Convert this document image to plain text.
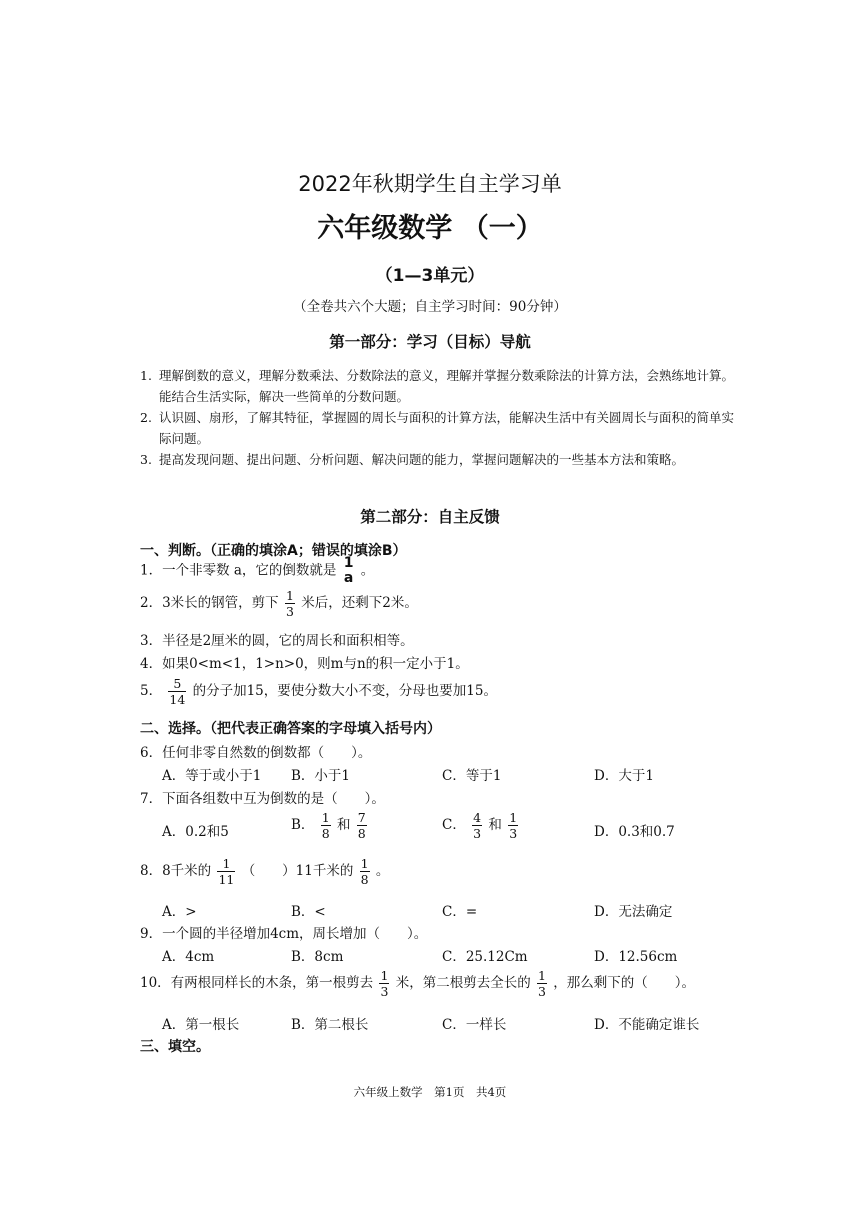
2022年秋期学生自主学习单
六年级数学 （一）
（1—3单元）
（全卷共六个大题；自主学习时间：90分钟）
第一部分：学习（目标）导航
1. 理解倒数的意义，理解分数乘法、分数除法的意义，理解并掌握分数乘除法的计算方法，会熟练地计算。能结合生活实际，解决一些简单的分数问题。
2. 认识圆、扇形，了解其特征，掌握圆的周长与面积的计算方法，能解决生活中有关圆周长与面积的简单实际问题。
3. 提高发现问题、提出问题、分析问题、解决问题的能力，掌握问题解决的一些基本方法和策略。
第二部分：自主反馈
一、判断。（正确的填涂A；错误的填涂B）
1．一个非零数 a，它的倒数就是 1
a 。
2．3米长的钢管，剪下 $\frac{1}{3}$ 米后，还剩下2米。
3．半径是2厘米的圆，它的周长和面积相等。
4．如果0<m<1，1>n>0，则m与n的积一定小于1。
5． $\frac{5}{14}$ 的分子加15，要使分数大小不变，分母也要加15。
二、选择。（把代表正确答案的字母填入括号内）
6．任何非零自然数的倒数都（　　）。
A．等于或小于1 B．小于1	C．等于1	D．大于1
7．下面各组数中互为倒数的是（　　）。
A．0.2和5	B． $\frac{1}{8}$ 和 $\frac{7}{8}$	C． $\frac{4}{3}$ 和 $\frac{1}{3}$	D．0.3和0.7
8．8千米的 $\frac{1}{11}$ （　　）11千米的 $\frac{1}{8}$ 。
A．>	B．<	C．=	D．无法确定
9．一个圆的半径增加4cm，周长增加（　　）。
A．4cm	B．8cm	C．25.12Cm	D．12.56cm
10．有两根同样长的木条，第一根剪去 $\frac{1}{3}$ 米，第二根剪去全长的 $\frac{1}{3}$ ，那么剩下的（　　）。
A．第一根长	B．第二根长	C．一样长	D．不能确定谁长
三、填空。
六年级上数学　第1页　共4页
